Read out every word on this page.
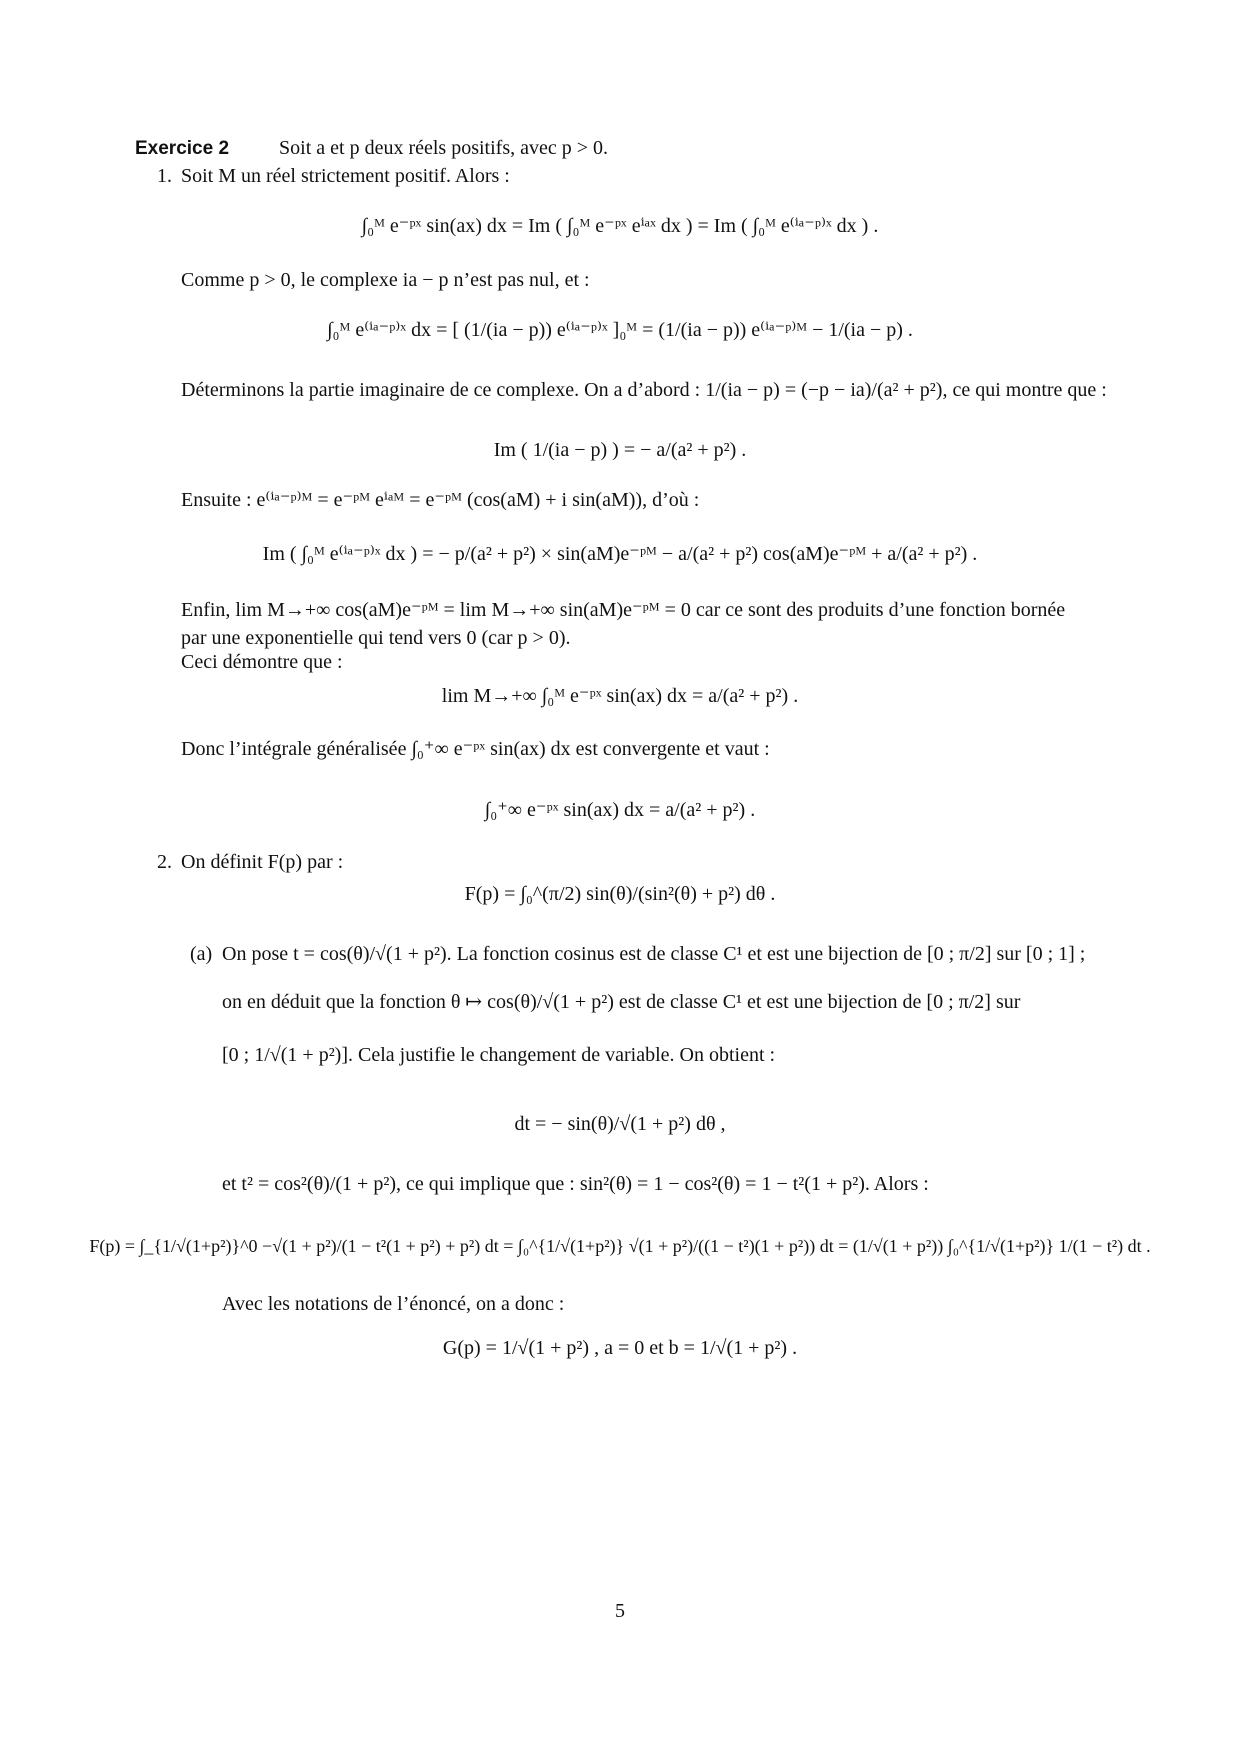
Exercice 2	Soit a et p deux réels positifs, avec p > 0.
1. Soit M un réel strictement positif. Alors :
∫₀ᴹ e⁻ᵖˣ sin(ax) dx = Im ( ∫₀ᴹ e⁻ᵖˣ eⁱᵃˣ dx ) = Im ( ∫₀ᴹ e⁽ⁱᵃ⁻ᵖ⁾ˣ dx ) .
Comme p > 0, le complexe ia − p n’est pas nul, et :
∫₀ᴹ e⁽ⁱᵃ⁻ᵖ⁾ˣ dx = [ (1/(ia − p)) e⁽ⁱᵃ⁻ᵖ⁾ˣ ]₀ᴹ = (1/(ia − p)) e⁽ⁱᵃ⁻ᵖ⁾ᴹ − 1/(ia − p) .
Déterminons la partie imaginaire de ce complexe. On a d’abord : 1/(ia − p) = (−p − ia)/(a² + p²), ce qui montre que :
Im ( 1/(ia − p) ) = − a/(a² + p²) .
Ensuite : e⁽ⁱᵃ⁻ᵖ⁾ᴹ = e⁻ᵖᴹ eⁱᵃᴹ = e⁻ᵖᴹ (cos(aM) + i sin(aM)), d’où :
Im ( ∫₀ᴹ e⁽ⁱᵃ⁻ᵖ⁾ˣ dx ) = − p/(a² + p²) × sin(aM)e⁻ᵖᴹ − a/(a² + p²) cos(aM)e⁻ᵖᴹ + a/(a² + p²) .
Enfin, lim M→+∞ cos(aM)e⁻ᵖᴹ = lim M→+∞ sin(aM)e⁻ᵖᴹ = 0 car ce sont des produits d’une fonction bornée
par une exponentielle qui tend vers 0 (car p > 0).
Ceci démontre que :
lim M→+∞ ∫₀ᴹ e⁻ᵖˣ sin(ax) dx = a/(a² + p²) .
Donc l’intégrale généralisée ∫₀⁺∞ e⁻ᵖˣ sin(ax) dx est convergente et vaut :
∫₀⁺∞ e⁻ᵖˣ sin(ax) dx = a/(a² + p²) .
2. On définit F(p) par :
F(p) = ∫₀^(π/2) sin(θ)/(sin²(θ) + p²) dθ .
(a) On pose t = cos(θ)/√(1 + p²). La fonction cosinus est de classe C¹ et est une bijection de [0 ; π/2] sur [0 ; 1] ;
on en déduit que la fonction θ ↦ cos(θ)/√(1 + p²) est de classe C¹ et est une bijection de [0 ; π/2] sur
[0 ; 1/√(1 + p²)]. Cela justifie le changement de variable. On obtient :
dt = − sin(θ)/√(1 + p²) dθ ,
et t² = cos²(θ)/(1 + p²), ce qui implique que : sin²(θ) = 1 − cos²(θ) = 1 − t²(1 + p²). Alors :
F(p) = ∫_{1/√(1+p²)}^0 −√(1 + p²)/(1 − t²(1 + p²) + p²) dt = ∫₀^{1/√(1+p²)} √(1 + p²)/((1 − t²)(1 + p²)) dt = (1/√(1 + p²)) ∫₀^{1/√(1+p²)} 1/(1 − t²) dt .
Avec les notations de l’énoncé, on a donc :
G(p) = 1/√(1 + p²) , a = 0 et b = 1/√(1 + p²) .
5
